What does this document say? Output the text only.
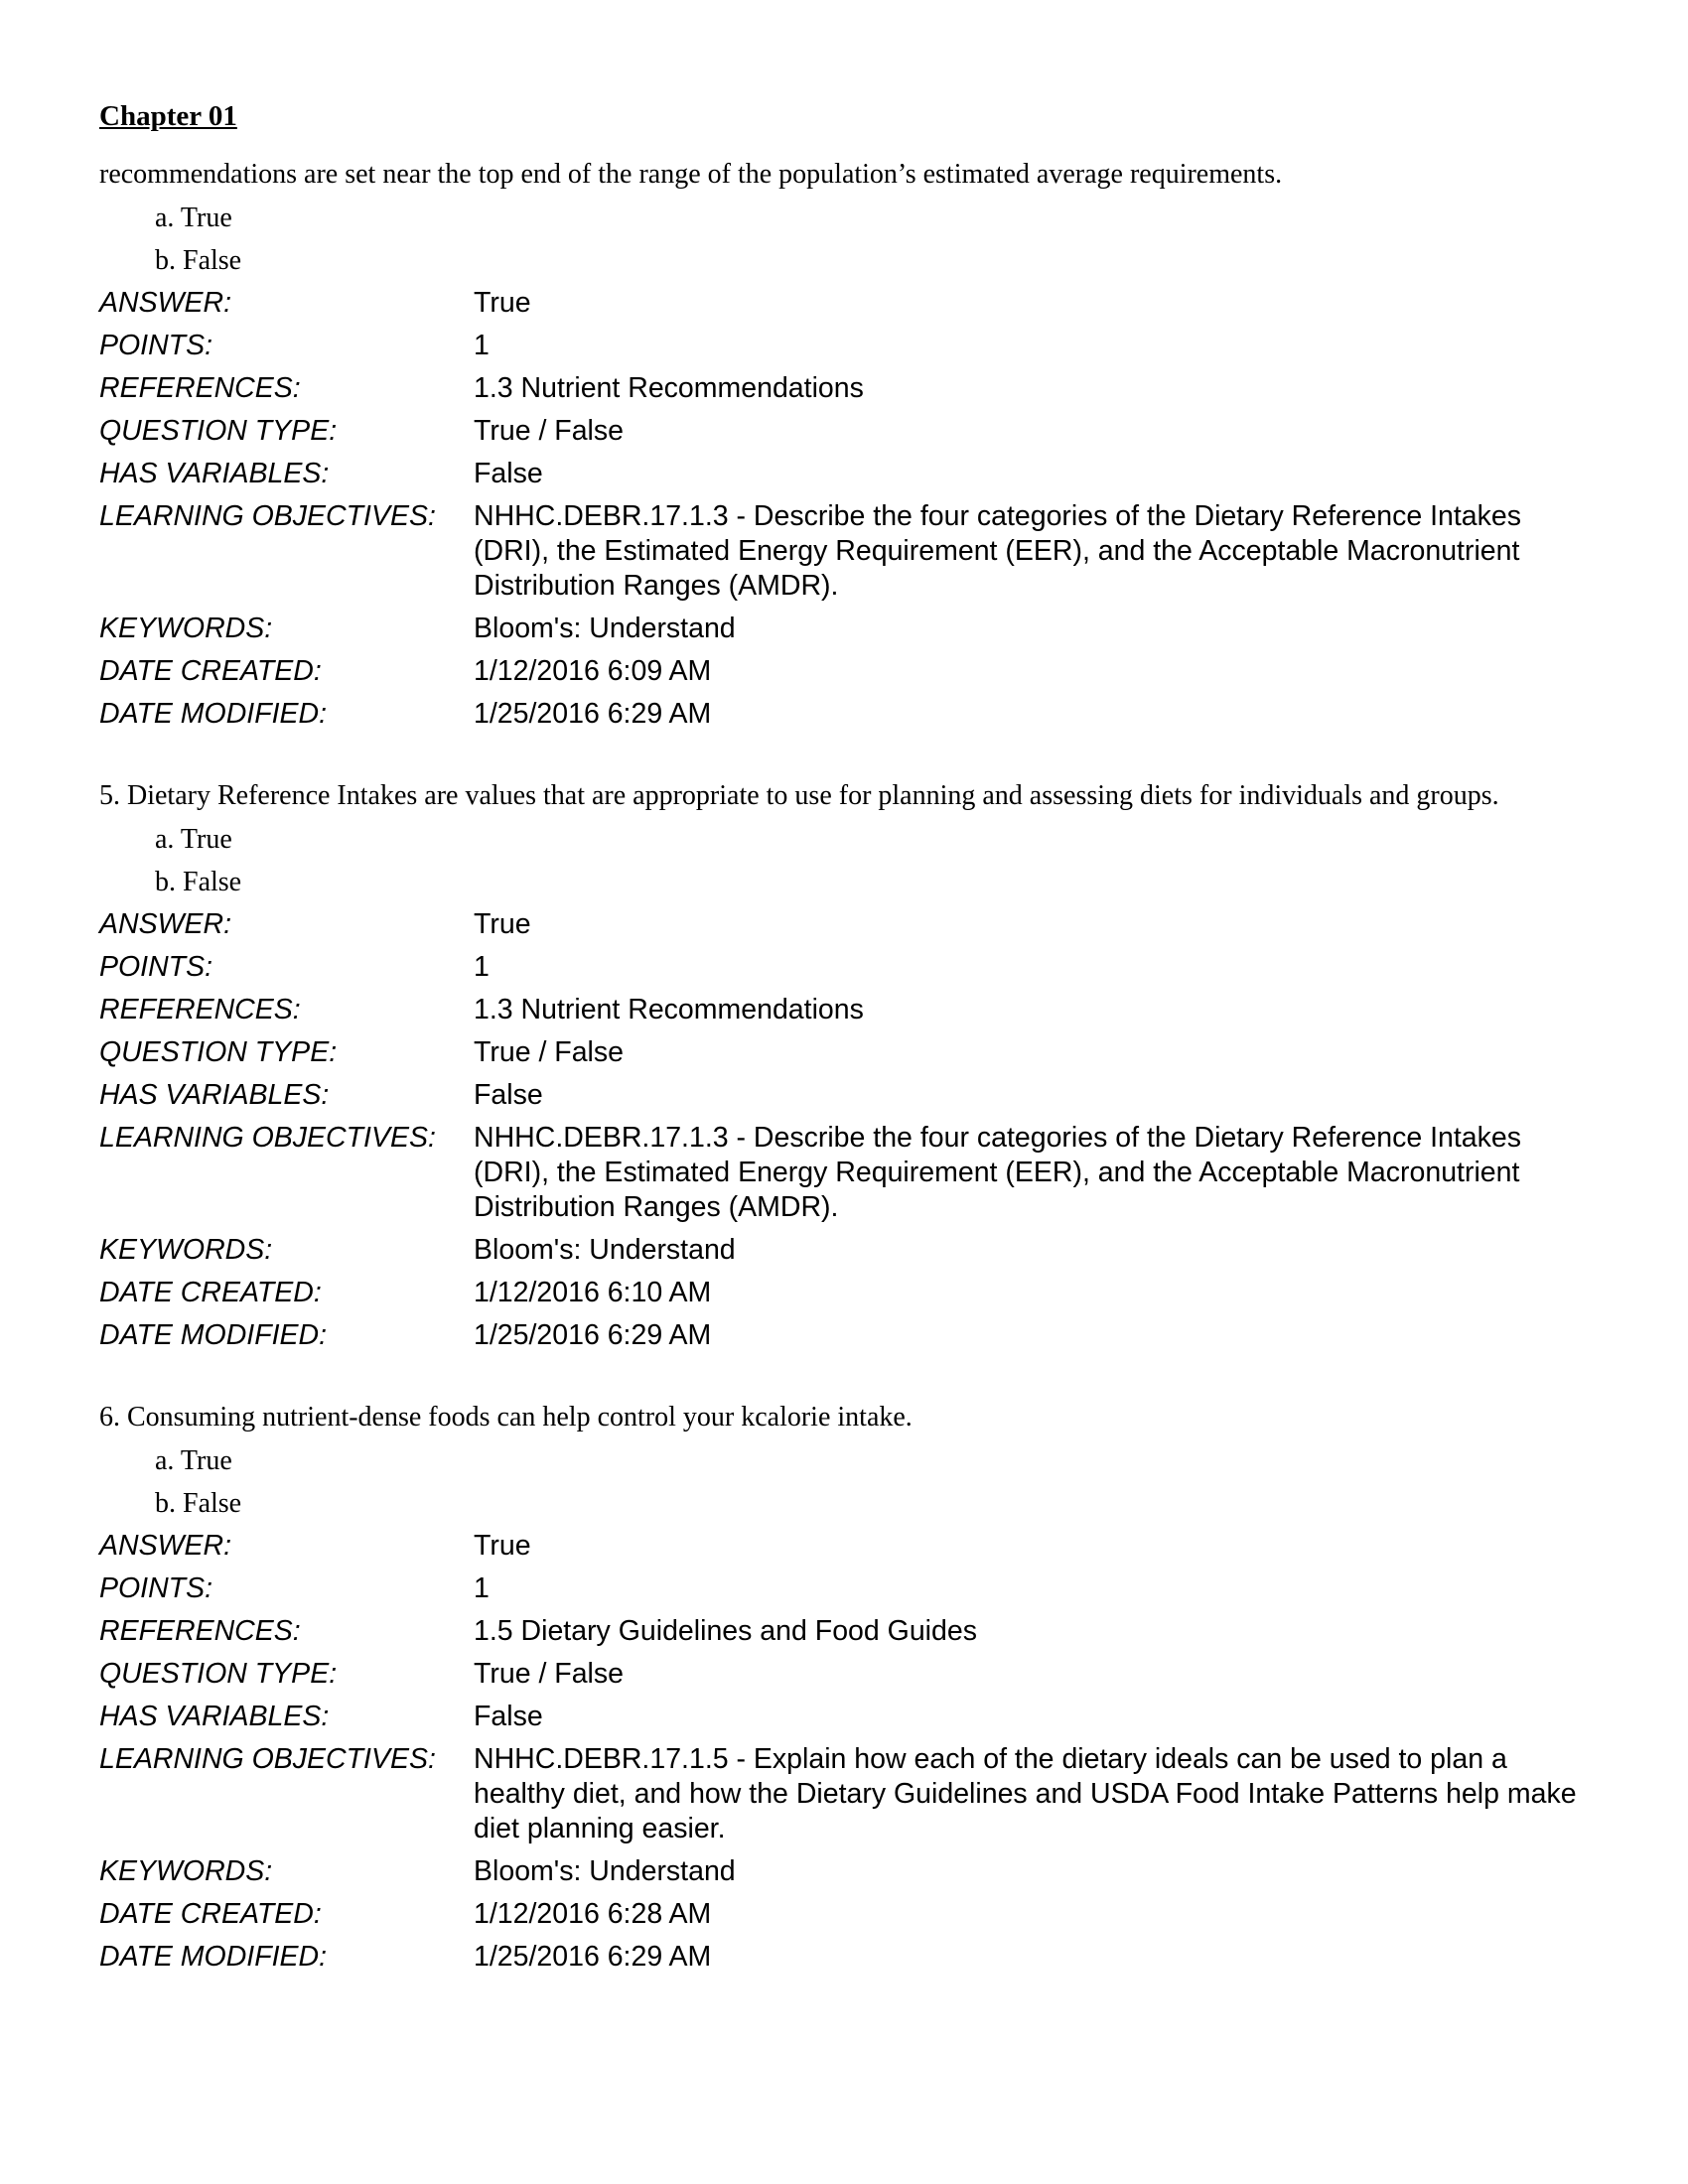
Chapter 01
recommendations are set near the top end of the range of the population’s estimated average requirements.
a. True
b. False
ANSWER:	True
POINTS:	1
REFERENCES:	1.3 Nutrient Recommendations
QUESTION TYPE:	True / False
HAS VARIABLES:	False
LEARNING OBJECTIVES:	NHHC.DEBR.17.1.3 - Describe the four categories of the Dietary Reference Intakes (DRI), the Estimated Energy Requirement (EER), and the Acceptable Macronutrient Distribution Ranges (AMDR).
KEYWORDS:	Bloom's: Understand
DATE CREATED:	1/12/2016 6:09 AM
DATE MODIFIED:	1/25/2016 6:29 AM
5. Dietary Reference Intakes are values that are appropriate to use for planning and assessing diets for individuals and groups.
a. True
b. False
ANSWER:	True
POINTS:	1
REFERENCES:	1.3 Nutrient Recommendations
QUESTION TYPE:	True / False
HAS VARIABLES:	False
LEARNING OBJECTIVES:	NHHC.DEBR.17.1.3 - Describe the four categories of the Dietary Reference Intakes (DRI), the Estimated Energy Requirement (EER), and the Acceptable Macronutrient Distribution Ranges (AMDR).
KEYWORDS:	Bloom's: Understand
DATE CREATED:	1/12/2016 6:10 AM
DATE MODIFIED:	1/25/2016 6:29 AM
6. Consuming nutrient-dense foods can help control your kcalorie intake.
a. True
b. False
ANSWER:	True
POINTS:	1
REFERENCES:	1.5 Dietary Guidelines and Food Guides
QUESTION TYPE:	True / False
HAS VARIABLES:	False
LEARNING OBJECTIVES:	NHHC.DEBR.17.1.5 - Explain how each of the dietary ideals can be used to plan a healthy diet, and how the Dietary Guidelines and USDA Food Intake Patterns help make diet planning easier.
KEYWORDS:	Bloom's: Understand
DATE CREATED:	1/12/2016 6:28 AM
DATE MODIFIED:	1/25/2016 6:29 AM
